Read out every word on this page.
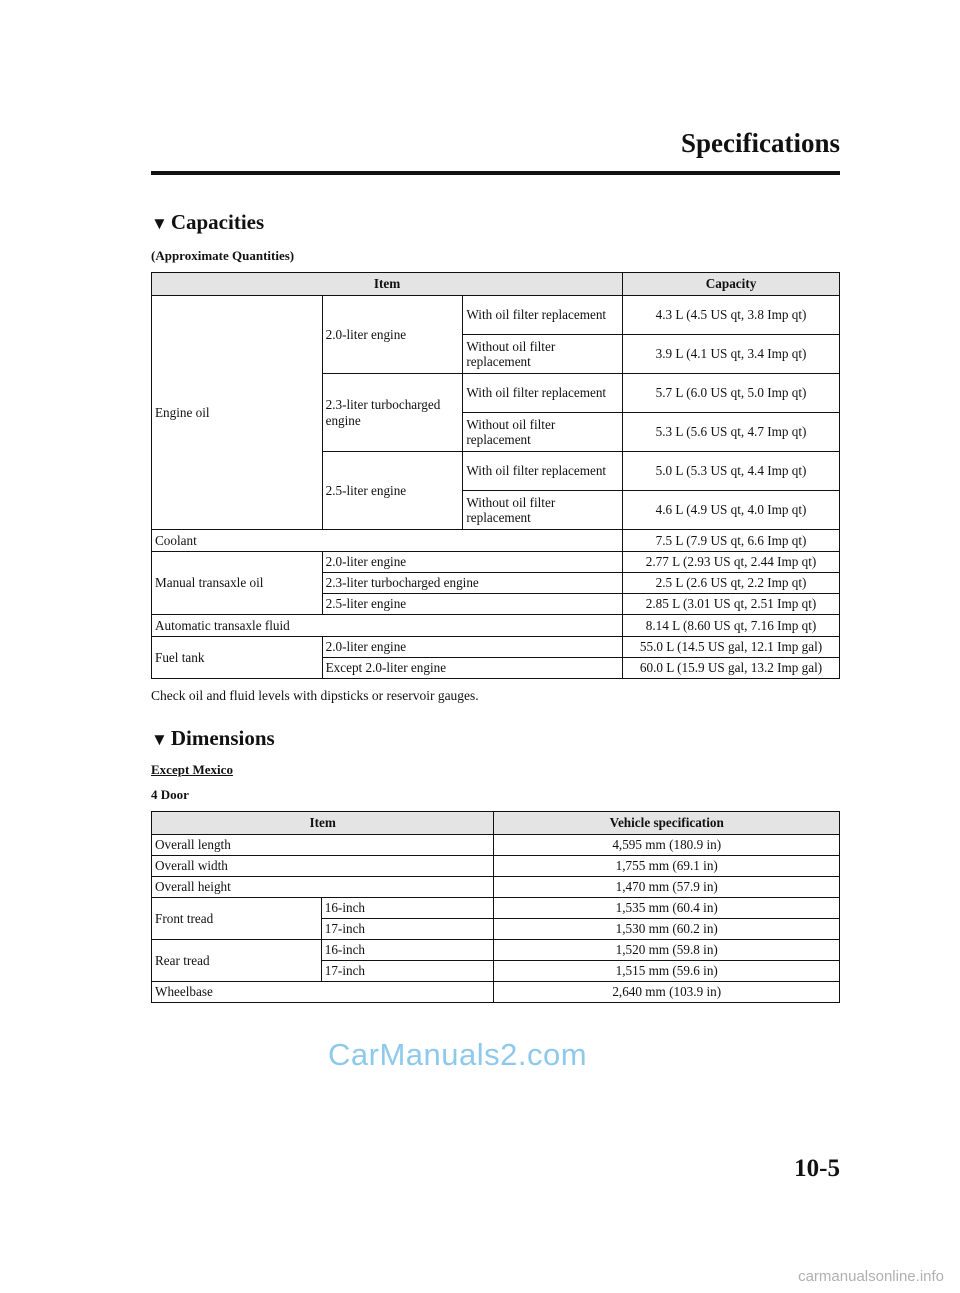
Specifications
▼ Capacities
(Approximate Quantities)
Item			Capacity
Engine oil	2.0-liter engine	With oil filter replacement	4.3 L (4.5 US qt, 3.8 Imp qt)
		Without oil filter replacement	3.9 L (4.1 US qt, 3.4 Imp qt)
	2.3-liter turbocharged engine	With oil filter replacement	5.7 L (6.0 US qt, 5.0 Imp qt)
		Without oil filter replacement	5.3 L (5.6 US qt, 4.7 Imp qt)
	2.5-liter engine	With oil filter replacement	5.0 L (5.3 US qt, 4.4 Imp qt)
		Without oil filter replacement	4.6 L (4.9 US qt, 4.0 Imp qt)
Coolant			7.5 L (7.9 US qt, 6.6 Imp qt)
Manual transaxle oil	2.0-liter engine		2.77 L (2.93 US qt, 2.44 Imp qt)
	2.3-liter turbocharged engine		2.5 L (2.6 US qt, 2.2 Imp qt)
	2.5-liter engine		2.85 L (3.01 US qt, 2.51 Imp qt)
Automatic transaxle fluid			8.14 L (8.60 US qt, 7.16 Imp qt)
Fuel tank	2.0-liter engine		55.0 L (14.5 US gal, 12.1 Imp gal)
	Except 2.0-liter engine		60.0 L (15.9 US gal, 13.2 Imp gal)
Check oil and fluid levels with dipsticks or reservoir gauges.
▼ Dimensions
Except Mexico
4 Door
Item		Vehicle specification
Overall length		4,595 mm (180.9 in)
Overall width		1,755 mm (69.1 in)
Overall height		1,470 mm (57.9 in)
Front tread	16-inch	1,535 mm (60.4 in)
	17-inch	1,530 mm (60.2 in)
Rear tread	16-inch	1,520 mm (59.8 in)
	17-inch	1,515 mm (59.6 in)
Wheelbase		2,640 mm (103.9 in)
CarManuals2.com
10-5
carmanualsonline.info
